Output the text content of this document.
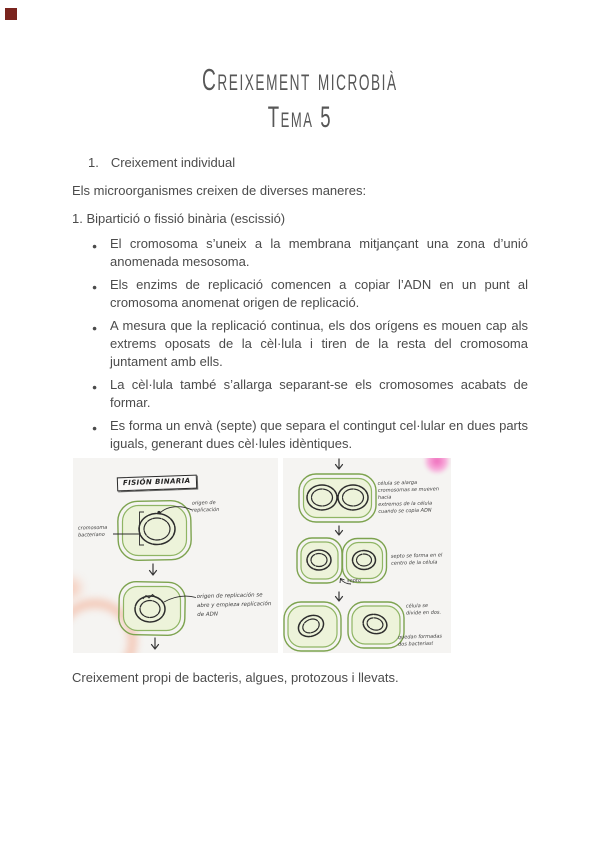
Creixement microbià
Tema 5

1. Creixement individual

Els microorganismes creixen de diverses maneres:

1. Bipartició o fissió binària (escissió)

● El cromosoma s’uneix a la membrana mitjançant una zona d’unió anomenada mesosoma.
● Els enzims de replicació comencen a copiar l’ADN en un punt al cromosoma anomenat origen de replicació.
● A mesura que la replicació continua, els dos orígens es mouen cap als extrems oposats de la cèl·lula i tiren de la resta del cromosoma juntament amb ells.
● La cèl·lula també s’allarga separant-se els cromosomes acabats de formar.
● Es forma un envà (septe) que separa el contingut cel·lular en dues parts iguals, generant dues cèl·lules idèntiques.
FISIÓN BINARIA
origen de
replicación
cromosoma
bacteriano
origen de replicación se
abre y empieza replicación
de ADN
célula se alarga
cromosomas se mueven hacia
extremos de la célula
cuando se copia ADN
septo se forma en el
centro de la célula
septo
célula se
divide en dos.
quedan formadas
dos bacterias!

Creixement propi de bacteris, algues, protozous i llevats.
